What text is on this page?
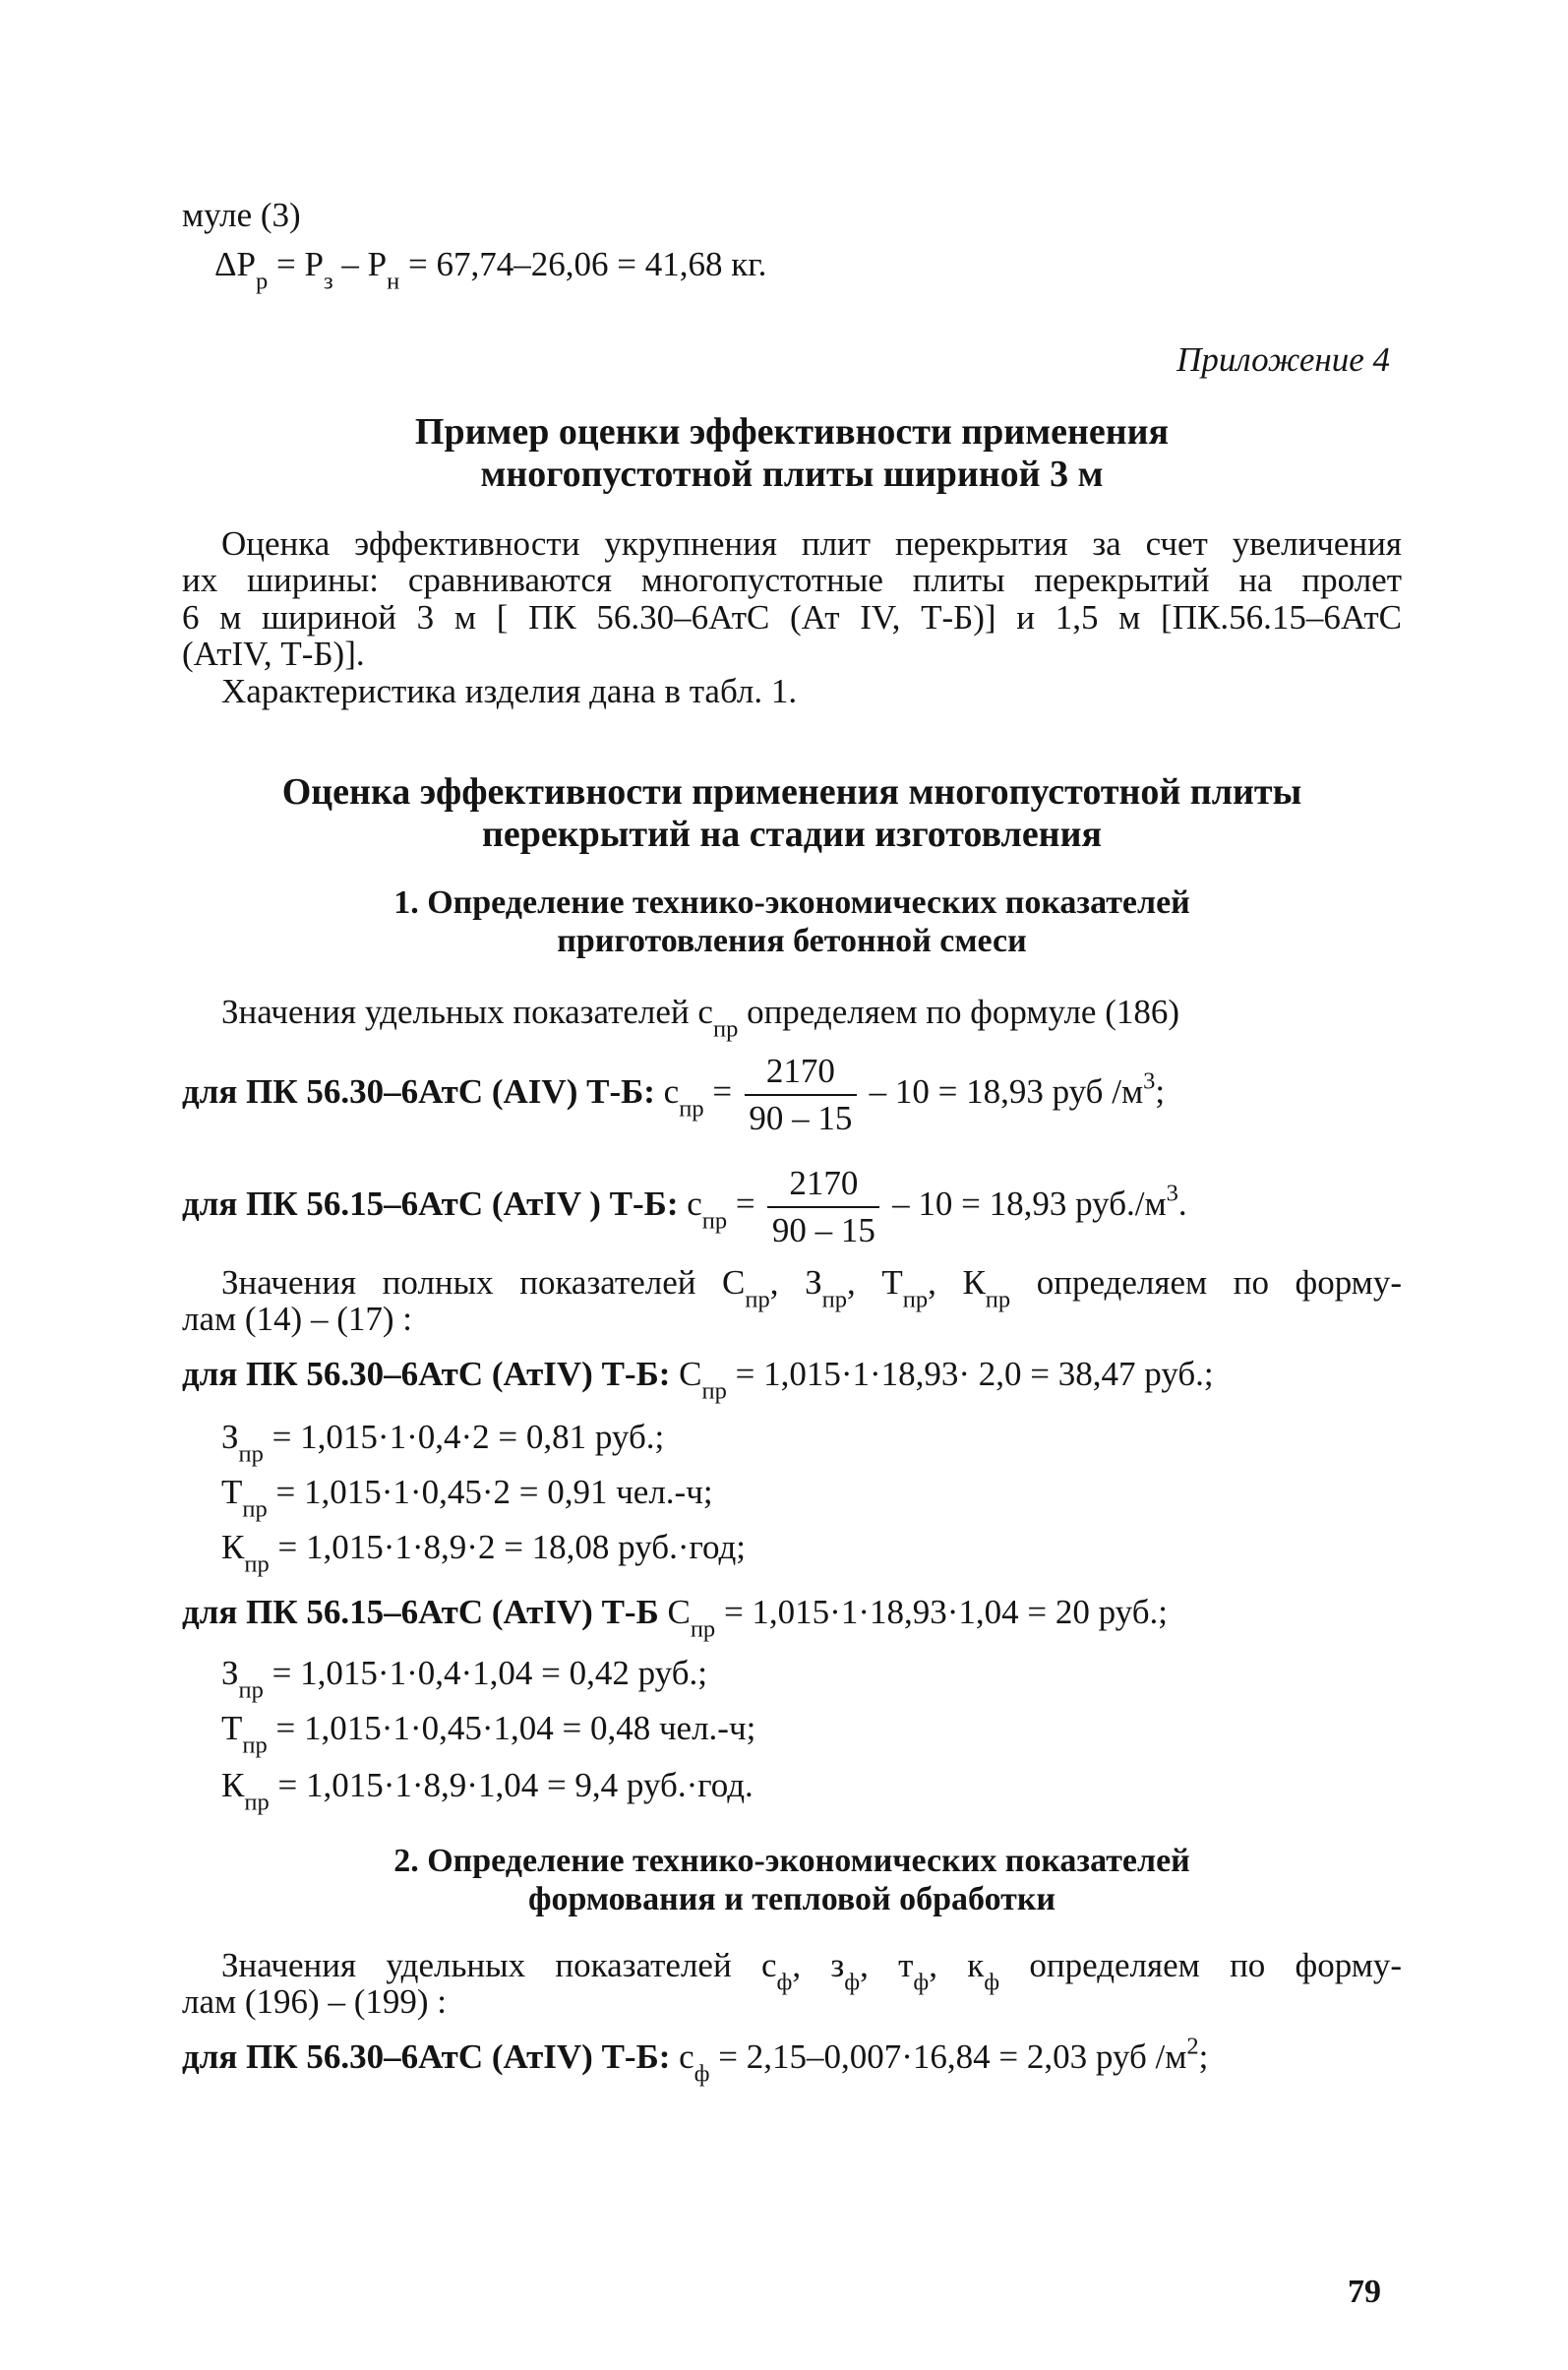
муле (3)
$\Delta P_р = P_з - P_н = 67,74-26,06 = 41,68$ кг.
Приложение 4
Пример оценки эффективности применения
многопустотной плиты шириной 3 м
Оценка эффективности укрупнения плит перекрытия за счет увеличения
их ширины: сравниваются многопустотные плиты перекрытий на пролет
6 м шириной 3 м [ ПК 56.30–6АтС (Ат IV, Т-Б)] и 1,5 м [ПК.56.15–6АтС
(АтIV, Т-Б)].
Характеристика изделия дана в табл. 1.
Оценка эффективности применения многопустотной плиты
перекрытий на стадии изготовления
1. Определение технико-экономических показателей
приготовления бетонной смеси
Значения удельных показателей $c_{пр}$ определяем по формуле (186)
для ПК 56.30–6АтС (AIV) Т-Б: $c_{пр} = \frac{2170}{90 - 15} - 10 = 18,93$ руб $/м^3$;
для ПК 56.15–6АтС (АтIV ) Т-Б: $c_{пр} = \frac{2170}{90 - 15} - 10 = 18,93$ $руб./м^3$.
Значения полных показателей $С_{пр}$, $З_{пр}$, $Т_{пр}$, $К_{пр}$ определяем по форму-
лам (14) – (17) :
для ПК 56.30–6АтС (АтIV) Т-Б: $С_{пр} = 1,015\cdot 1\cdot 18,93\cdot 2,0 = 38,47$ руб.;
$З_{пр} = 1,015\cdot 1\cdot 0,4\cdot 2 = 0,81$ руб.;
$Т_{пр} = 1,015\cdot 1\cdot 0,45\cdot 2 = 0,91$ чел.-ч;
$К_{пр} = 1,015\cdot 1\cdot 8,9\cdot 2 = 18,08$ руб.·год;
для ПК 56.15–6АтС (АтIV) Т-Б $С_{пр} = 1,015\cdot 1\cdot 18,93\cdot 1,04 = 20$ руб.;
$З_{пр} = 1,015\cdot 1\cdot 0,4\cdot 1,04 = 0,42$ руб.;
$Т_{пр} = 1,015\cdot 1\cdot 0,45\cdot 1,04 = 0,48$ чел.-ч;
$К_{пр} = 1,015\cdot 1\cdot 8,9\cdot 1,04 = 9,4$ руб.·год.
2. Определение технико-экономических показателей
формования и тепловой обработки
Значения удельных показателей $c_ф$, $з_ф$, $т_ф$, $к_ф$ определяем по форму-
лам (196) – (199) :
для ПК 56.30–6АтС (АтIV) Т-Б: $c_ф = 2,15-0,007\cdot 16,84 = 2,03$ руб $/м^2$;
79
